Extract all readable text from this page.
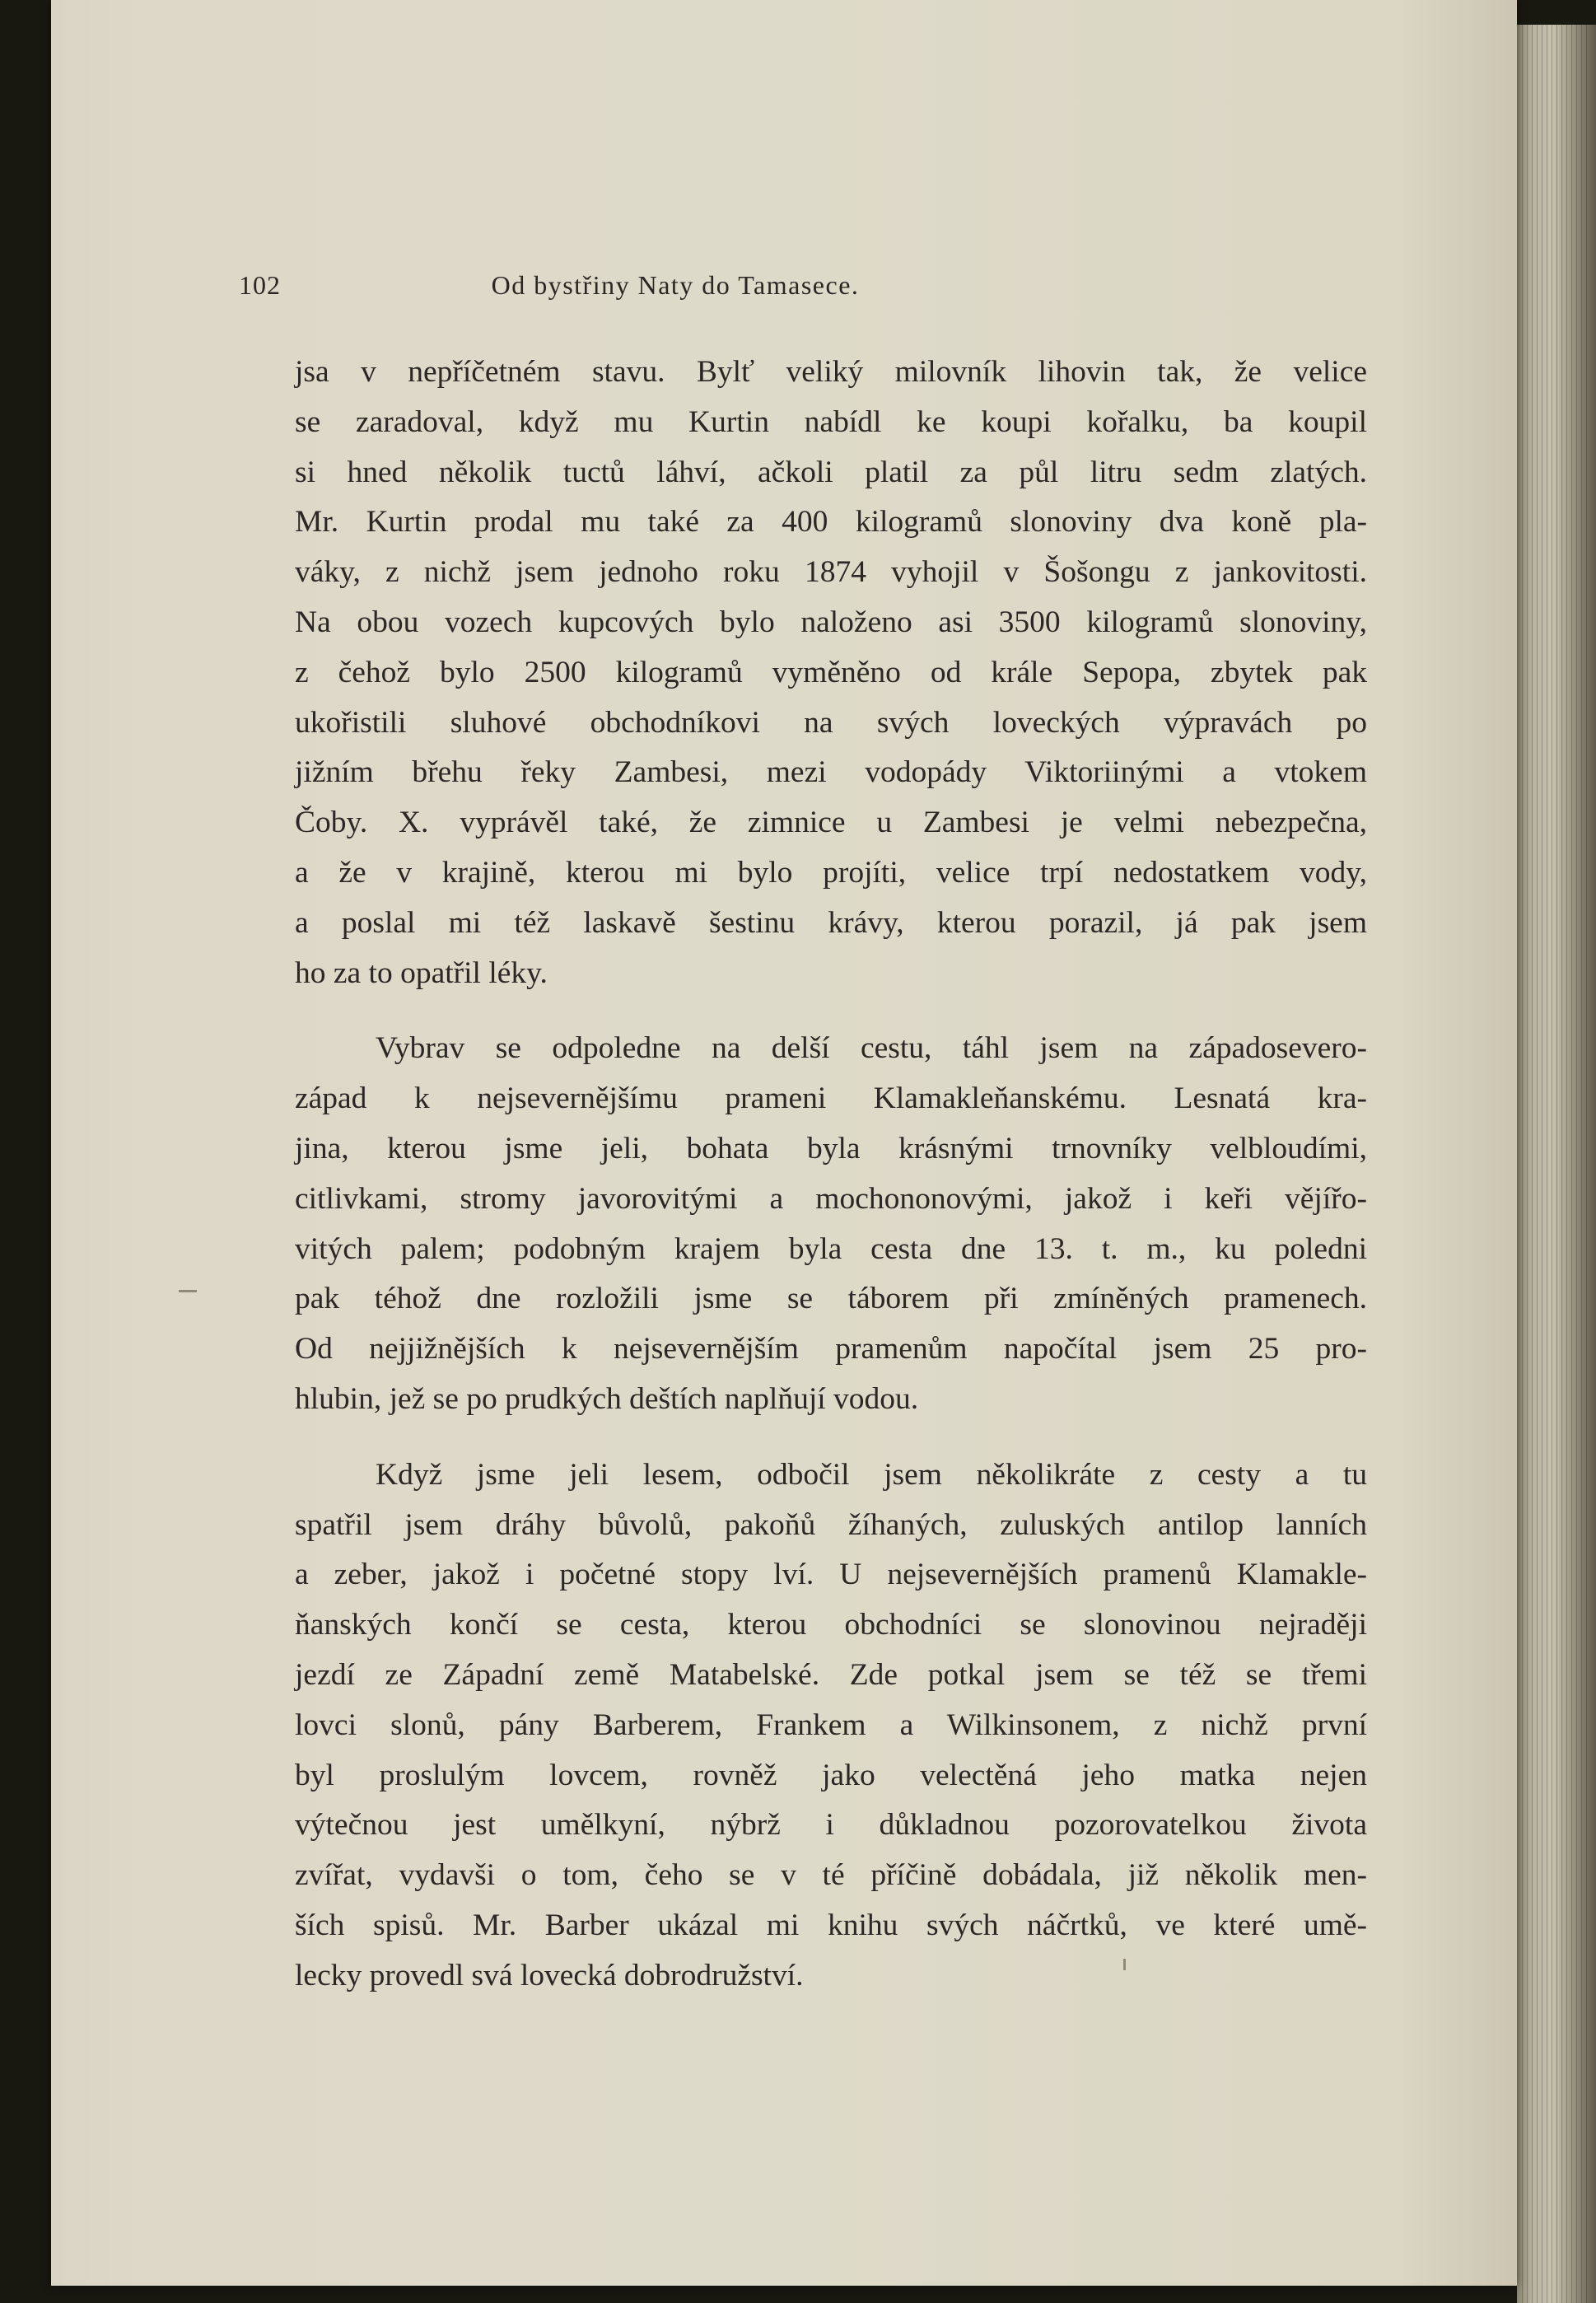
102	Od bystřiny Naty do Tamasece.

jsa v nepříčetném stavu. Bylť veliký milovník lihovin tak, že velice
se zaradoval, když mu Kurtin nabídl ke koupi kořalku, ba koupil
si hned několik tuctů láhví, ačkoli platil za půl litru sedm zlatých.
Mr. Kurtin prodal mu také za 400 kilogramů slonoviny dva koně pla-
váky, z nichž jsem jednoho roku 1874 vyhojil v Šošongu z jankovitosti.
Na obou vozech kupcových bylo naloženo asi 3500 kilogramů slonoviny,
z čehož bylo 2500 kilogramů vyměněno od krále Sepopa, zbytek pak
ukořistili sluhové obchodníkovi na svých loveckých výpravách po
jižním břehu řeky Zambesi, mezi vodopády Viktoriinými a vtokem
Čoby. X. vyprávěl také, že zimnice u Zambesi je velmi nebezpečna,
a že v krajině, kterou mi bylo projíti, velice trpí nedostatkem vody,
a poslal mi též laskavě šestinu krávy, kterou porazil, já pak jsem
ho za to opatřil léky.

Vybrav se odpoledne na delší cestu, táhl jsem na západosevero-
západ k nejsevernějšímu prameni Klamakleňanskému. Lesnatá kra-
jina, kterou jsme jeli, bohata byla krásnými trnovníky velbloudími,
citlivkami, stromy javorovitými a mochononovými, jakož i keři vějířo-
vitých palem; podobným krajem byla cesta dne 13. t. m., ku poledni
pak téhož dne rozložili jsme se táborem při zmíněných pramenech.
Od nejjižnějších k nejsevernějším pramenům napočítal jsem 25 pro-
hlubin, jež se po prudkých deštích naplňují vodou.

Když jsme jeli lesem, odbočil jsem několikráte z cesty a tu
spatřil jsem dráhy bůvolů, pakoňů žíhaných, zuluských antilop lanních
a zeber, jakož i početné stopy lví. U nejsevernějších pramenů Klamakle-
ňanských končí se cesta, kterou obchodníci se slonovinou nejraději
jezdí ze Západní země Matabelské. Zde potkal jsem se též se třemi
lovci slonů, pány Barberem, Frankem a Wilkinsonem, z nichž první
byl proslulým lovcem, rovněž jako velectěná jeho matka nejen
výtečnou jest umělkyní, nýbrž i důkladnou pozorovatelkou života
zvířat, vydavši o tom, čeho se v té příčině dobádala, již několik men-
ších spisů. Mr. Barber ukázal mi knihu svých náčrtků, ve které umě-
lecky provedl svá lovecká dobrodružství.
